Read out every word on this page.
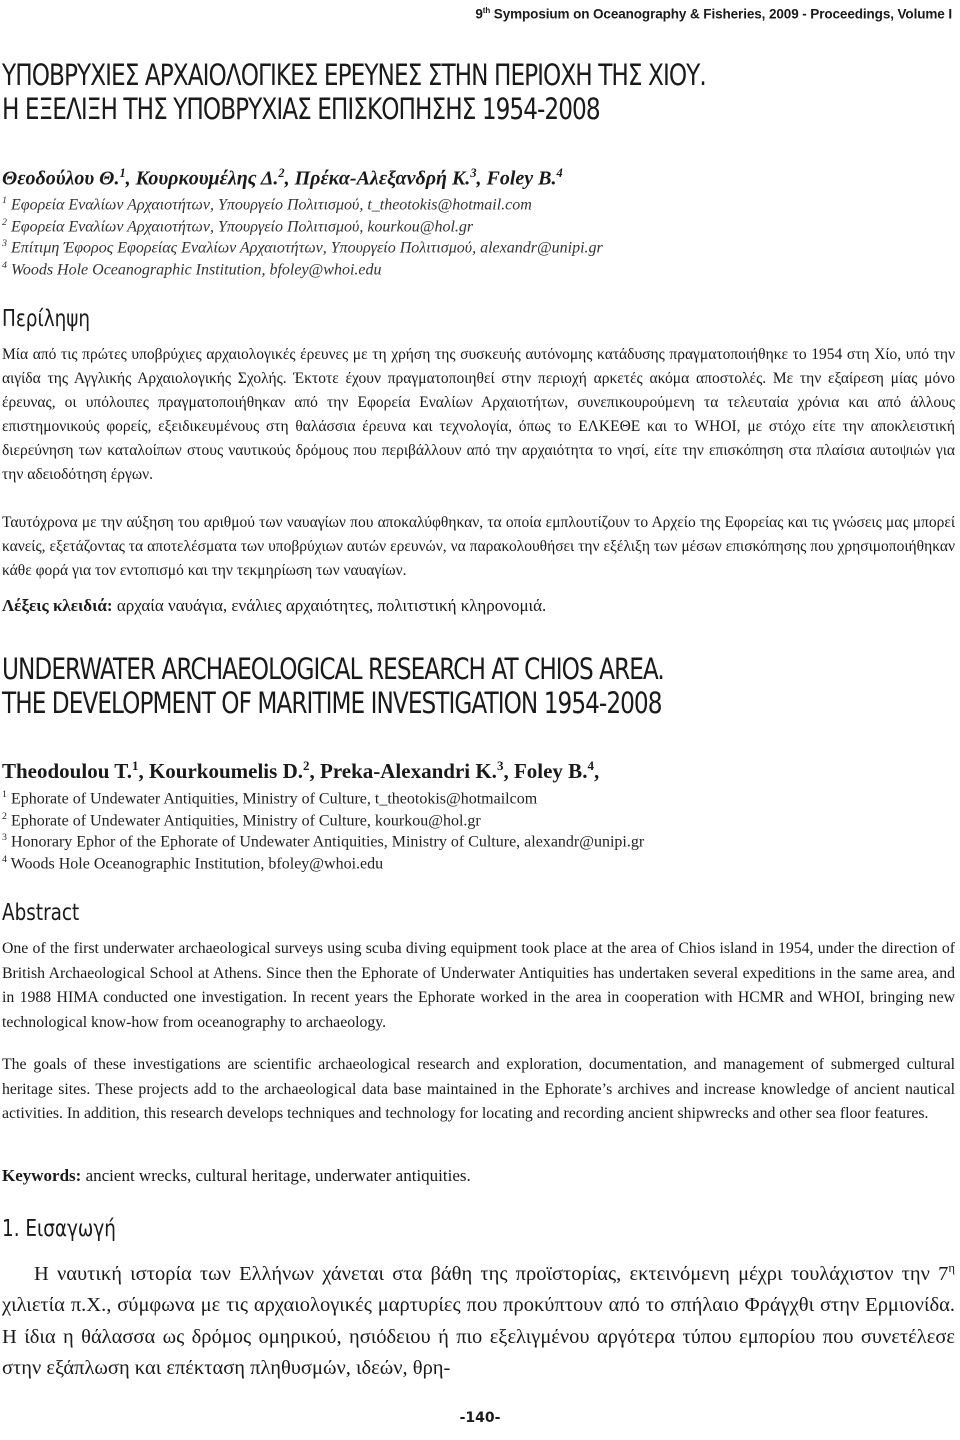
9th Symposium on Oceanography & Fisheries, 2009 - Proceedings, Volume I
ΥΠΟΒΡΥΧΙΕΣ ΑΡΧΑΙΟΛΟΓΙΚΕΣ ΕΡΕΥΝΕΣ ΣΤΗΝ ΠΕΡΙΟΧΗ ΤΗΣ ΧΙΟΥ.
Η ΕΞΕΛΙΞΗ ΤΗΣ ΥΠΟΒΡΥΧΙΑΣ ΕΠΙΣΚΟΠΗΣΗΣ 1954-2008
Θεοδούλου Θ.$^1$, Κουρκουμέλης Δ.$^2$, Πρέκα-Αλεξανδρή Κ.$^3$, Foley B.$^4$
$^1$ Εφορεία Εναλίων Αρχαιοτήτων, Υπουργείο Πολιτισμού, t_theotokis@hotmail.com
$^2$ Εφορεία Εναλίων Αρχαιοτήτων, Υπουργείο Πολιτισμού, kourkou@hol.gr
$^3$ Επίτιμη Έφορος Εφορείας Εναλίων Αρχαιοτήτων, Υπουργείο Πολιτισμού, alexandr@unipi.gr
$^4$ Woods Hole Oceanographic Institution, bfoley@whoi.edu
Περίληψη

Μία από τις πρώτες υποβρύχιες αρχαιολογικές έρευνες με τη χρήση της συσκευής αυτόνομης κατάδυσης πραγματοποιήθηκε το 1954 στη Χίο, υπό την αιγίδα της Αγγλικής Αρχαιολογικής Σχολής. Έκτοτε έχουν πραγματοποιηθεί στην περιοχή αρκετές ακόμα αποστολές. Με την εξαίρεση μίας μόνο έρευνας, οι υπόλοιπες πραγματοποιήθηκαν από την Εφορεία Εναλίων Αρχαιοτήτων, συνεπικουρούμενη τα τελευταία χρόνια και από άλλους επιστημονικούς φορείς, εξειδικευμένους στη θαλάσσια έρευνα και τεχνολογία, όπως το ΕΛΚΕΘΕ και το WHOI, με στόχο είτε την αποκλειστική διερεύνηση των καταλοίπων στους ναυτικούς δρόμους που περιβάλλουν από την αρχαιότητα το νησί, είτε την επισκόπηση στα πλαίσια αυτοψιών για την αδειοδότηση έργων.

Ταυτόχρονα με την αύξηση του αριθμού των ναυαγίων που αποκαλύφθηκαν, τα οποία εμπλουτίζουν το Αρχείο της Εφορείας και τις γνώσεις μας μπορεί κανείς, εξετάζοντας τα αποτελέσματα των υποβρύχιων αυτών ερευνών, να παρακολουθήσει την εξέλιξη των μέσων επισκόπησης που χρησιμοποιήθηκαν κάθε φορά για τον εντοπισμό και την τεκμηρίωση των ναυαγίων.

Λέξεις κλειδιά: αρχαία ναυάγια, ενάλιες αρχαιότητες, πολιτιστική κληρονομιά.
UNDERWATER ARCHAEOLOGICAL RESEARCH AT CHIOS AREA.
THE DEVELOPMENT OF MARITIME INVESTIGATION 1954-2008
Theodoulou T.$^1$, Kourkoumelis D.$^2$, Preka-Alexandri K.$^3$, Foley B.$^4$,
$^1$ Ephorate of Undewater Antiquities, Ministry of Culture, t_theotokis@hotmailcom
$^2$ Ephorate of Undewater Antiquities, Ministry of Culture, kourkou@hol.gr
$^3$ Honorary Ephor of the Ephorate of Undewater Antiquities, Ministry of Culture, alexandr@unipi.gr
$^4$ Woods Hole Oceanographic Institution, bfoley@whoi.edu
Abstract

One of the first underwater archaeological surveys using scuba diving equipment took place at the area of Chios island in 1954, under the direction of British Archaeological School at Athens. Since then the Ephorate of Underwater Antiquities has undertaken several expeditions in the same area, and in 1988 HIMA conducted one investigation. In recent years the Ephorate worked in the area in cooperation with HCMR and WHOI, bringing new technological know-how from oceanography to archaeology.

The goals of these investigations are scientific archaeological research and exploration, documentation, and management of submerged cultural heritage sites. These projects add to the archaeological data base maintained in the Ephorate’s archives and increase knowledge of ancient nautical activities. In addition, this research develops techniques and technology for locating and recording ancient shipwrecks and other sea floor features.

Keywords: ancient wrecks, cultural heritage, underwater antiquities.
1. Εισαγωγή

Η ναυτική ιστορία των Ελλήνων χάνεται στα βάθη της προϊστορίας, εκτεινόμενη μέχρι τουλάχιστον την $7^\eta$ χιλιετία π.Χ., σύμφωνα με τις αρχαιολογικές μαρτυρίες που προκύπτουν από το σπήλαιο Φράγχθι στην Ερμιονίδα. Η ίδια η θάλασσα ως δρόμος ομηρικού, ησιόδειου ή πιο εξελιγμένου αργότερα τύπου εμπορίου που συνετέλεσε στην εξάπλωση και επέκταση πληθυσμών, ιδεών, θρη-

-140-
